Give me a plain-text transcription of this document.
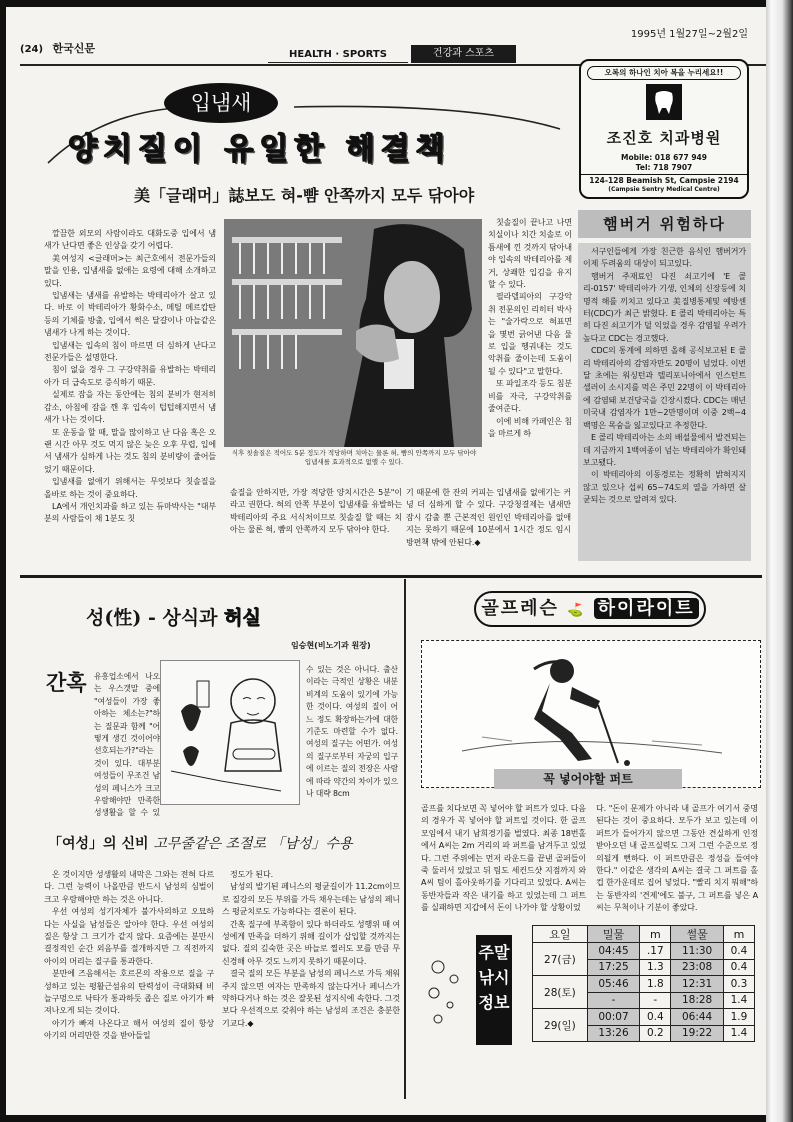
(24) 한국신문
1995년 1월27일~2월2일
HEALTH · SPORTS	건강과 스포츠
입냄새
양치질이 유일한 해결책
美「글래머」誌보도 혀-뺨 안쪽까지 모두 닦아야

깔끔한 외모의 사람이라도 대화도중 입에서 냄새가 난다면 좋은 인상을 갖기 어렵다.

美여성지 <글래머>는 최근호에서 전문가들의 말을 인용, 입냄새를 없애는 요령에 대해 소개하고 있다.

입냄새는 냄새를 유발하는 박테리아가 살고 있다. 바로 이 박테리아가 황화수소, 메틸 메르캅탄 등의 기체를 방출, 입에서 썩은 달걀이나 마늘같은 냄새가 나게 하는 것이다.

입냄새는 입속의 침이 마르면 더 심하게 난다고 전문가들은 설명한다.

침이 없을 경우 그 구강약취를 유발하는 박테리아가 더 급속도로 증식하기 때문.

실제로 잠을 자는 동안에는 침의 분비가 현저히 감소, 아침에 잠을 깬 후 입속이 텁텁해지면서 냄새가 나는 것이다.

또 운동을 할 때, 말을 많이하고 난 다음 혹은 오랜 시간 아무 것도 먹지 않은 늦은 오후 무렵, 입에서 냄새가 심하게 나는 것도 침의 분비량이 줄어들었기 때문이다.

입냄새를 없애기 위해서는 무엇보다 칫솔질을 올바로 하는 것이 중요하다.

LA에서 개인치과를 하고 있는 듀마박사는 "대부분의 사람들이 채 1분도 칫

식후 칫솔질은 적어도 5분 정도가 적당하며 치아는 물론 혀, 뺨의 안쪽까지 모두 닦아야 입냄새를 효과적으로 없앨 수 있다.

솔질을 안하지만, 가장 적당한 양치시간은 5분"이라고 권한다. 혀의 안쪽 부분이 입냄새를 유발하는 박테리아의 주요 서식처이므로 칫솔질 할 때는 치아는 물론 혀, 뺨의 안쪽까지 모두 닦아야 한다.

기 때문에 한 잔의 커피는 입냄새를 없애기는 커녕 더 심하게 할 수 있다. 구강청결제는 냄새만 잠시 감출 뿐 근본적인 원인인 박테리아를 없애지는 못하기 때문에 10분에서 1시간 정도 임시방편책 밖에 안된다.◆

칫솔질이 끝나고 나면 치실이나 치간 치솔로 이 틈새에 낀 것까지 닦아내야 입속의 박테리아를 제거, 상쾌한 입김을 유지할 수 있다.

필라델피아의 구강악취 전문의인 리히터 박사는 "술가락으로 혀표면을 몇번 긁어낸 다음 물로 입을 헹궈내는 것도 악취를 줄이는데 도움이 될 수 있다"고 말한다.

또 파일조각 등도 침분비를 자극, 구강악취를 줄여준다.

이에 비해 카페인은 침을 마르게 하

오복의 하나인 치아 복을 누리세요!!
조진호 치과병원
Mobile: 018 677 949
Tel: 718 7907
124-128 Beamish St, Campsie 2194
(Campsie Sentry Medical Centre)
햄버거 위험하다

서구인들에게 가장 친근한 음식인 햄버거가 이제 두려움의 대상이 되고있다.

햄버거 주재료인 다진 쇠고기에 'E 콜리-0157' 박테리아가 기생, 인체의 신장등에 치명적 해를 끼치고 있다고 美질병통제및 예방센터(CDC)가 최근 밝혔다. E 콜리 박테리아는 특히 다진 쇠고기가 덜 익었을 경우 감염될 우려가 높다고 CDC는 경고했다.

CDC의 통계에 의하면 올해 공식보고된 E 콜리 박테리아의 감염자만도 20명이 넘었다. 이번달 초에는 워싱턴과 텔리포니아에서 인스턴트 셀러이 소시지를 먹은 주민 22명이 이 박테리아에 감염돼 보건당국을 긴장시켰다. CDC는 매년 미국내 감염자가 1만~2만명이며 이중 2백~4백명은 목숨을 잃고있다고 추정한다.

E 콜리 박테리아는 소의 배설물에서 발견되는데 지금까지 1백여종이 넘는 박테리아가 확인돼 보고됐다.

이 박테리아의 이동경로는 정확히 밝혀지지 않고 있으나 섭씨 65~74도의 열을 가하면 살균되는 것으로 알려져 있다.

성(性) - 상식과 허실
임승현(비노기과 원장)
간혹 유흥업소에서 나오는 우스갯말 중에 "여성들이 가장 좋아하는 체소는?"하는 질문과 함께 "어떻게 생긴 것이어야 선호되는가?"라는 것이 있다. 대부분 여성들이 무조건 남성의 페니스가 크고 우람해야만 만족한 성생활을 할 수 있

수 있는 것은 아니다. 출산이라는 극적인 상황은 내분비계의 도움이 있기에 가능한 것이다. 여성의 질이 어느 정도 확장하는가에 대한 기준도 마련할 수가 없다. 여성의 질구는 어떤가. 여성의 질구로부터 자궁의 입구에 이르는 질의 전장은 사람에 따라 약간의 차이가 있으나 대략 8cm

「여성」의 신비 고무줄같은 조절로 「남성」수용

온 것이지만 성생활의 내막은 그와는 전혀 다르다. 그런 능력이 나올만큼 반드시 남성의 심벌이 크고 우람해야만 하는 것은 아니다.

우선 여성의 성기자체가 불가사의하고 오묘하다는 사실을 남성들은 알아야 한다. 우선 여성의 질은 항상 그 크기가 같지 않다. 요즘에는 분만시 결정적인 순간 외음부를 절개하지만 그 직전까지 아이의 머리는 질구를 통과한다.

분만에 즈음해서는 호르몬의 작용으로 질을 구성하고 있는 평활근섬유의 탄력성이 극대화돼 비늘구멍으로 낙타가 통과하듯 좁은 질로 아기가 빠져나오게 되는 것이다.

아기가 빠져 나온다고 해서 여성의 질이 항상 아기의 머리만한 것을 받아들일

정도가 된다.

남성의 발기된 페니스의 평균길이가 11.2cm이므로 질강의 모든 부위를 가득 채우는데는 남성의 페니스 평균치로도 가능하다는 결론이 된다.

간혹 질구에 부족함이 있다 하더라도 성행위 때 여성에게 만족을 더하기 위해 길이가 삽입할 것까지는 없다. 질의 깊숙한 곳은 바늘로 찔러도 모를 만큼 무신경해 아무 것도 느끼지 못하기 때문이다.

결국 질의 모든 부분을 남성의 페니스로 가득 채워주지 않으면 여자는 만족하지 않는다거나 페니스가 약하다거나 하는 것은 잘못된 성지식에 속한다. 그것보다 우선적으로 갖춰야 하는 남성의 조건은 충분한 기교다.◆

골프레슨 ⛳ 하이라이트
꼭 넣어야할 퍼트

골프를 치다보면 꼭 넣어야 할 퍼트가 있다. 다음의 경우가 꼭 넣어야 할 퍼트일 것이다. 한 골프모임에서 내기 남희경기를 벌였다. 최종 18번홀에서 A씨는 2m 거리의 파 퍼트를 남겨두고 있었다. 그런 주위에는 먼저 라운드를 끝낸 골퍼들이 죽 둘러서 있었고 뒤 팀도 세컨드샷 지점까지 와 A씨 팀이 홀아웃하기를 기다리고 있었다. A씨는 동반자들과 작은 내기를 하고 있었는데 그 퍼트를 실패하면 지갑에서 돈이 나가야 할 상황이었

다. "돈이 문제가 아니라 내 골프가 여기서 중명된다는 것이 중요하다. 모두가 보고 있는데 이 퍼트가 들어가지 않으면 그동안 견실하게 인정받아오던 내 골프실력도 그저 그런 수준으로 정의될게 뻔하다. 이 퍼트만큼은 정성을 들여야 한다." 이같은 생각의 A씨는 결국 그 퍼트를 홀컵 한가운데로 집어 넣었다. "빨리 치지 뭐해"하는 동반자의 '견제'에도 불구, 그 퍼트를 넣은 A씨는 무척이나 기분이 좋았다.

주말 낚시 정보
요일	밀물	m	썰물	m
27(금)	04:45	.17	11:30	0.4
	17:25	1.3	23:08	0.4
28(토)	05:46	1.8	12:31	0.3
	-	-	18:28	1.4
29(일)	00:07	0.4	06:44	1.9
	13:26	0.2	19:22	1.4
